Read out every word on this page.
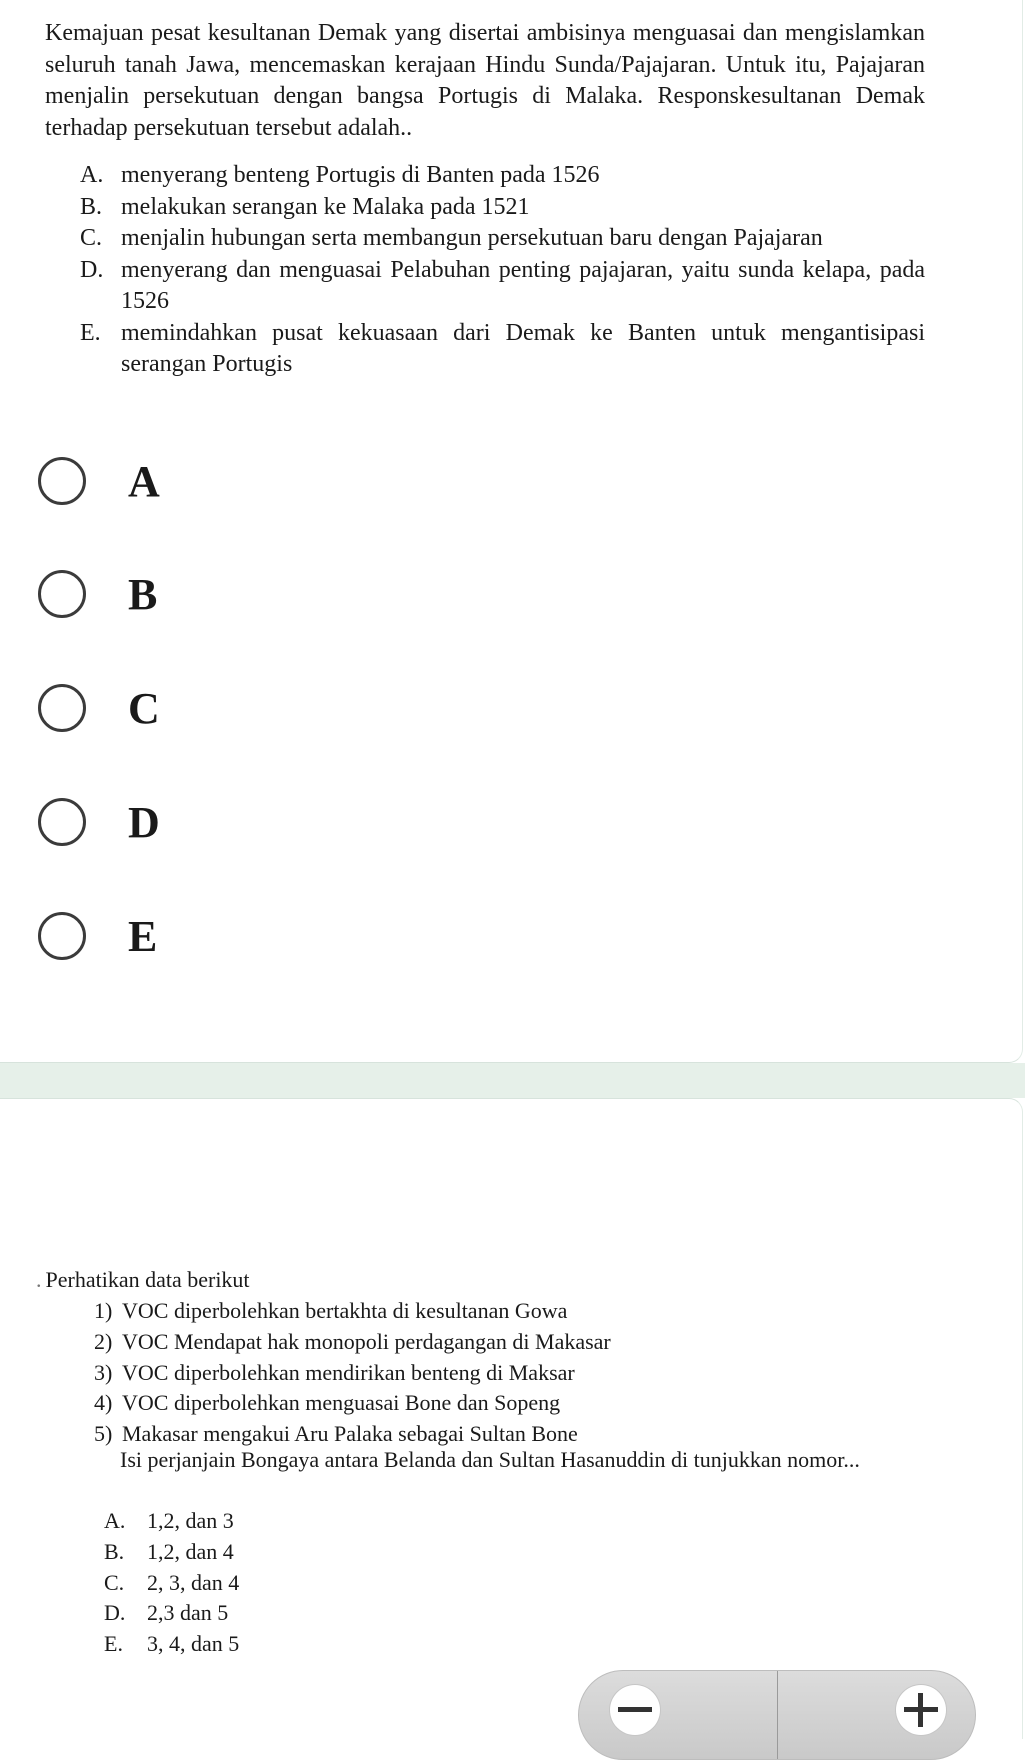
Kemajuan pesat kesultanan Demak yang disertai ambisinya menguasai dan mengislamkan seluruh tanah Jawa, mencemaskan kerajaan Hindu Sunda/Pajajaran. Untuk itu, Pajajaran menjalin persekutuan dengan bangsa Portugis di Malaka. Responskesultanan Demak terhadap persekutuan tersebut adalah..
A. menyerang benteng Portugis di Banten pada 1526
B. melakukan serangan ke Malaka pada 1521
C. menjalin hubungan serta membangun persekutuan baru dengan Pajajaran
D. menyerang dan menguasai Pelabuhan penting pajajaran, yaitu sunda kelapa, pada 1526
E. memindahkan pusat kekuasaan dari Demak ke Banten untuk mengantisipasi serangan Portugis
A
B
C
D
E
. Perhatikan data berikut
1) VOC diperbolehkan bertakhta di kesultanan Gowa
2) VOC Mendapat hak monopoli perdagangan di Makasar
3) VOC diperbolehkan mendirikan benteng di Maksar
4) VOC diperbolehkan menguasai Bone dan Sopeng
5) Makasar mengakui Aru Palaka sebagai Sultan Bone
Isi perjanjain Bongaya antara Belanda dan Sultan Hasanuddin di tunjukkan nomor...
A. 1,2, dan 3
B.	1,2, dan 4
C.	2, 3, dan 4
D. 2,3 dan 5
E.	3, 4, dan 5
